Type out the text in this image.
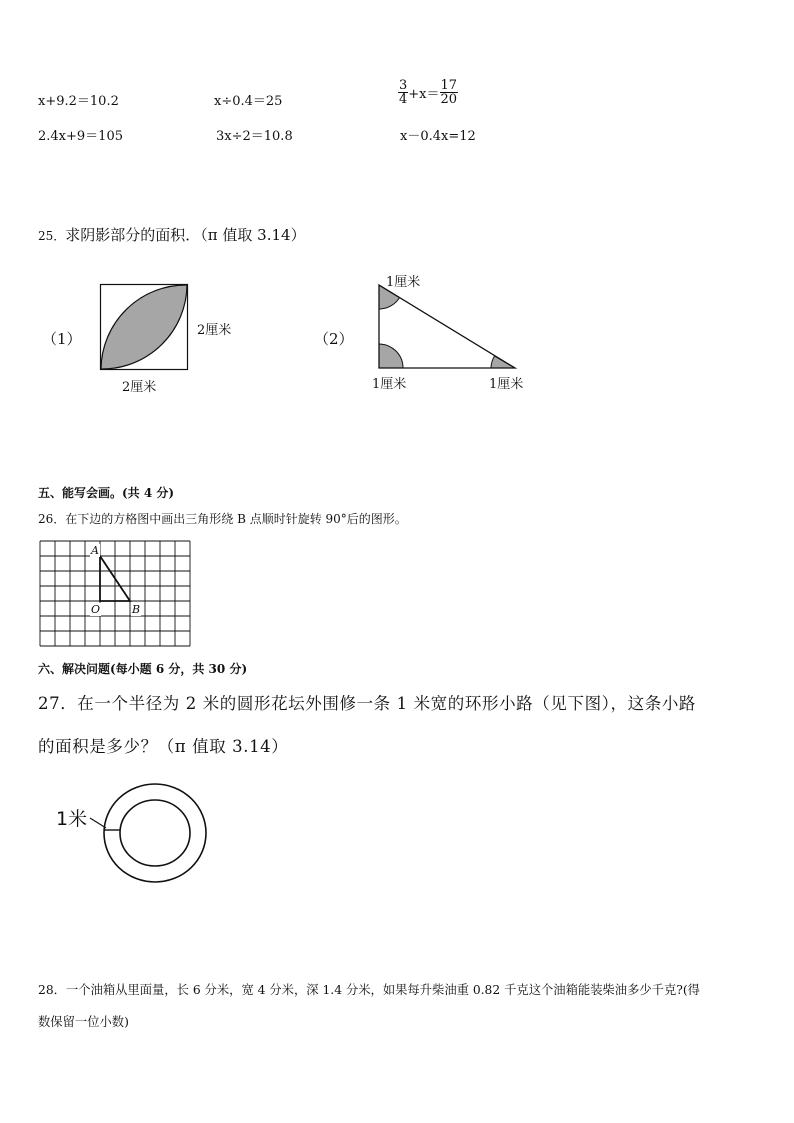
x+9.2＝10.2	x÷0.4＝25	$\frac{3}{4} +x= \frac{17}{20}$
2.4x+9＝105	3x÷2＝10.8	x－0.4x=12
25．求阴影部分的面积．（π 值取 3.14）
（1）	2厘米
2厘米
（2）
1厘米
1厘米	1厘米
五、能写会画。(共 4 分)
26．在下边的方格图中画出三角形绕 B 点顺时针旋转 90°后的图形。
A
O	B
六、解决问题(每小题 6 分，共 30 分)
27．在一个半径为 2 米的圆形花坛外围修一条 1 米宽的环形小路（见下图），这条小路
的面积是多少？（π 值取 3.14）
1米
28．一个油箱从里面量，长 6 分米，宽 4 分米，深 1.4 分米，如果每升柴油重 0.82 千克这个油箱能装柴油多少千克?(得
数保留一位小数)
